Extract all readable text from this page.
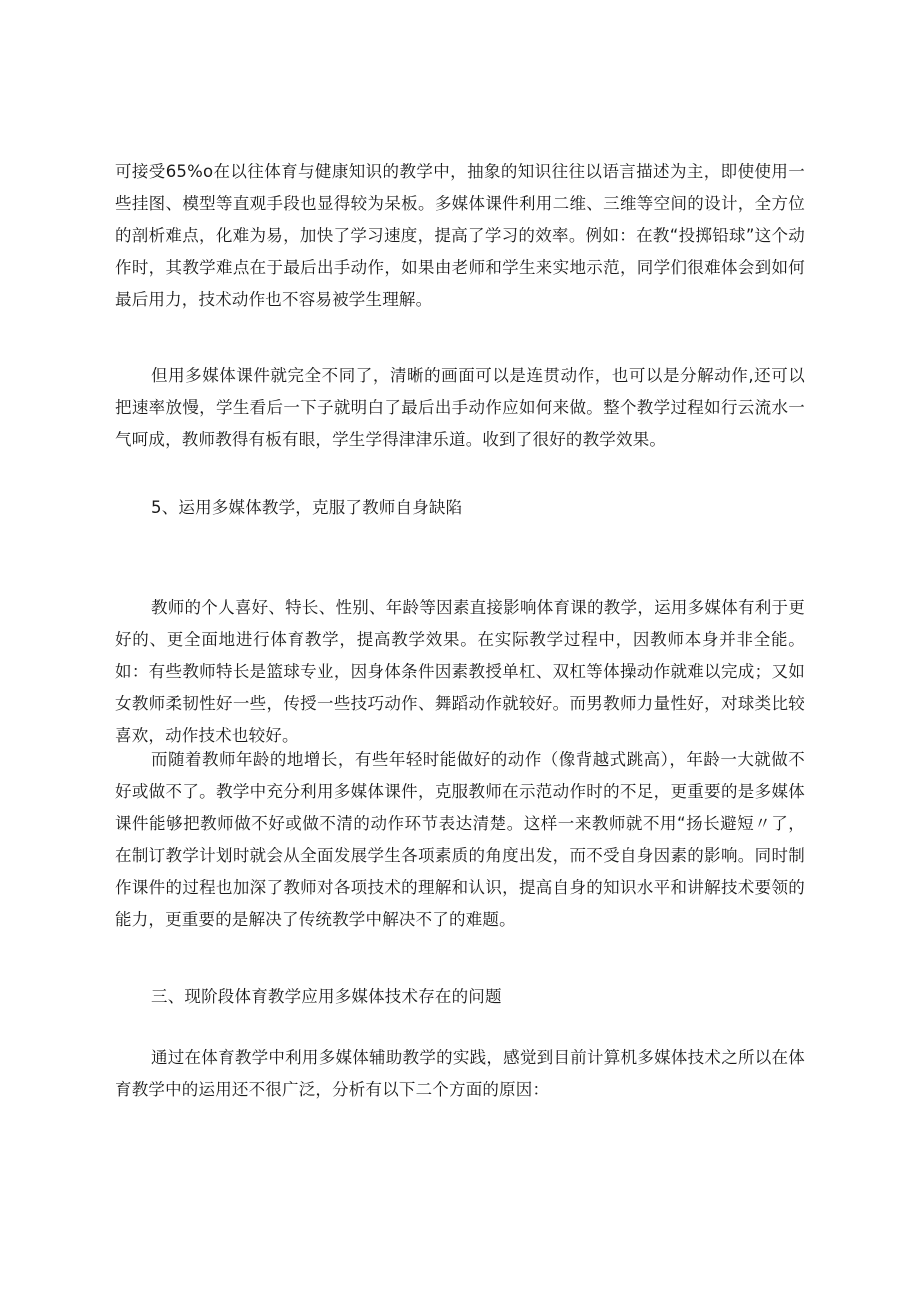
可接受65%o在以往体育与健康知识的教学中，抽象的知识往往以语言描述为主，即使使用一些挂图、模型等直观手段也显得较为呆板。多媒体课件利用二维、三维等空间的设计，全方位的剖析难点，化难为易，加快了学习速度，提高了学习的效率。例如：在教“投掷铅球”这个动作时，其教学难点在于最后出手动作，如果由老师和学生来实地示范，同学们很难体会到如何最后用力，技术动作也不容易被学生理解。

但用多媒体课件就完全不同了，清晰的画面可以是连贯动作，也可以是分解动作,还可以把速率放慢，学生看后一下子就明白了最后出手动作应如何来做。整个教学过程如行云流水一气呵成，教师教得有板有眼，学生学得津津乐道。收到了很好的教学效果。

5、运用多媒体教学，克服了教师自身缺陷

教师的个人喜好、特长、性别、年龄等因素直接影响体育课的教学，运用多媒体有利于更好的、更全面地进行体育教学，提高教学效果。在实际教学过程中，因教师本身并非全能。如：有些教师特长是篮球专业，因身体条件因素教授单杠、双杠等体操动作就难以完成；又如女教师柔韧性好一些，传授一些技巧动作、舞蹈动作就较好。而男教师力量性好，对球类比较喜欢，动作技术也较好。

而随着教师年龄的地增长，有些年轻时能做好的动作（像背越式跳高），年龄一大就做不好或做不了。教学中充分利用多媒体课件，克服教师在示范动作时的不足，更重要的是多媒体课件能够把教师做不好或做不清的动作环节表达清楚。这样一来教师就不用“扬长避短〃了，在制订教学计划时就会从全面发展学生各项素质的角度出发，而不受自身因素的影响。同时制作课件的过程也加深了教师对各项技术的理解和认识，提高自身的知识水平和讲解技术要领的能力，更重要的是解决了传统教学中解决不了的难题。

三、现阶段体育教学应用多媒体技术存在的问题

通过在体育教学中利用多媒体辅助教学的实践，感觉到目前计算机多媒体技术之所以在体育教学中的运用还不很广泛，分析有以下二个方面的原因：
